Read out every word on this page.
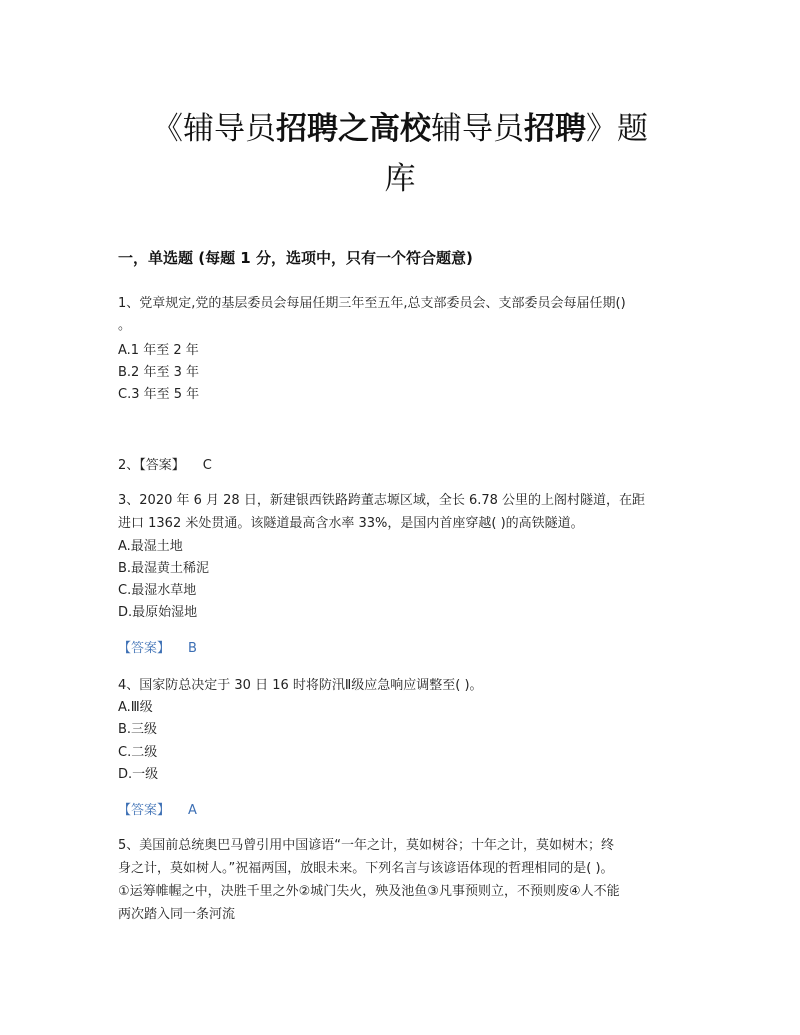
《辅导员招聘之高校辅导员招聘》题
库
一，单选题 (每题 1 分，选项中，只有一个符合题意)
1、党章规定,党的基层委员会每届任期三年至五年,总支部委员会、支部委员会每届任期()
。
A.1 年至 2 年
B.2 年至 3 年
C.3 年至 5 年
2、【答案】 C
3、2020 年 6 月 28 日，新建银西铁路跨董志塬区域，全长 6.78 公里的上阁村隧道，在距
进口 1362 米处贯通。该隧道最高含水率 33%，是国内首座穿越( )的高铁隧道。
A.最湿土地
B.最湿黄土稀泥
C.最湿水草地
D.最原始湿地
【答案】 B
4、国家防总决定于 30 日 16 时将防汛Ⅱ级应急响应调整至( )。
A.Ⅲ级
B.三级
C.二级
D.一级
【答案】 A
5、美国前总统奥巴马曾引用中国谚语“一年之计，莫如树谷；十年之计，莫如树木；终
身之计，莫如树人。”祝福两国，放眼未来。下列名言与该谚语体现的哲理相同的是( )。
①运筹帷幄之中，决胜千里之外②城门失火，殃及池鱼③凡事预则立，不预则废④人不能
两次踏入同一条河流
